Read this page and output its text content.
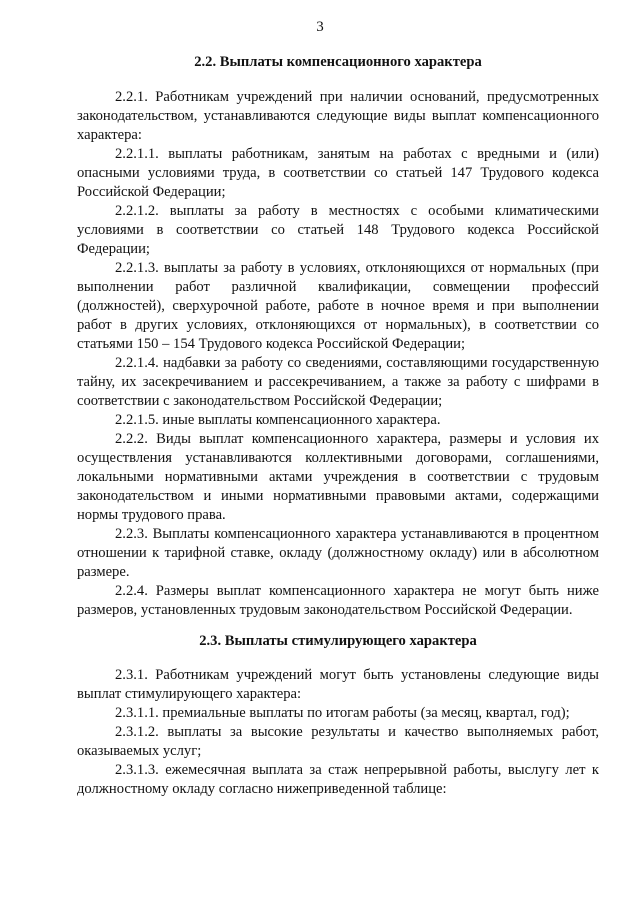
3
2.2. Выплаты компенсационного характера

2.2.1. Работникам учреждений при наличии оснований, предусмотренных законодательством, устанавливаются следующие виды выплат компенсационного характера:

2.2.1.1. выплаты работникам, занятым на работах с вредными и (или) опасными условиями труда, в соответствии со статьей 147 Трудового кодекса Российской Федерации;

2.2.1.2. выплаты за работу в местностях с особыми климатическими условиями в соответствии со статьей 148 Трудового кодекса Российской Федерации;

2.2.1.3. выплаты за работу в условиях, отклоняющихся от нормальных (при выполнении работ различной квалификации, совмещении профессий (должностей), сверхурочной работе, работе в ночное время и при выполнении работ в других условиях, отклоняющихся от нормальных), в соответствии со статьями 150 – 154 Трудового кодекса Российской Федерации;

2.2.1.4. надбавки за работу со сведениями, составляющими государственную тайну, их засекречиванием и рассекречиванием, а также за работу с шифрами в соответствии с законодательством Российской Федерации;

2.2.1.5. иные выплаты компенсационного характера.

2.2.2. Виды выплат компенсационного характера, размеры и условия их осуществления устанавливаются коллективными договорами, соглашениями, локальными нормативными актами учреждения в соответствии с трудовым законодательством и иными нормативными правовыми актами, содержащими нормы трудового права.

2.2.3. Выплаты компенсационного характера устанавливаются в процентном отношении к тарифной ставке, окладу (должностному окладу) или в абсолютном размере.

2.2.4. Размеры выплат компенсационного характера не могут быть ниже размеров, установленных трудовым законодательством Российской Федерации.

2.3. Выплаты стимулирующего характера

2.3.1. Работникам учреждений могут быть установлены следующие виды выплат стимулирующего характера:

2.3.1.1. премиальные выплаты по итогам работы (за месяц, квартал, год);

2.3.1.2. выплаты за высокие результаты и качество выполняемых работ, оказываемых услуг;

2.3.1.3. ежемесячная выплата за стаж непрерывной работы, выслугу лет к должностному окладу согласно нижеприведенной таблице:
